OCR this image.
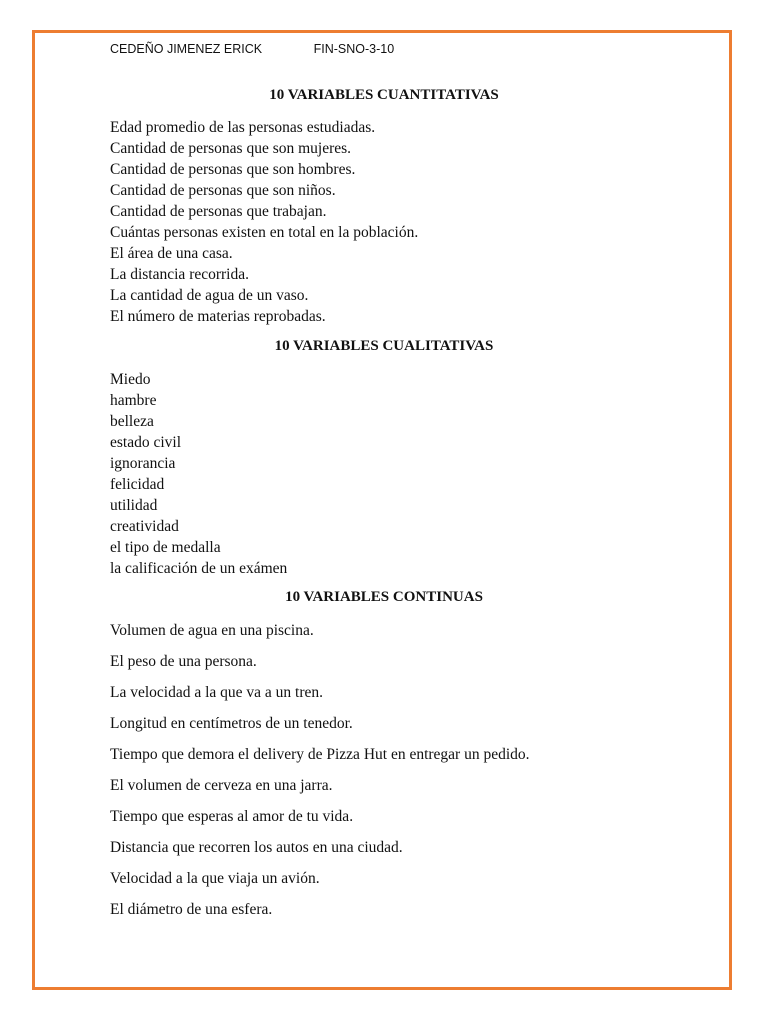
CEDEÑO JIMENEZ ERICK	FIN-SNO-3-10
10 VARIABLES CUANTITATIVAS
Edad promedio de las personas estudiadas.
Cantidad de personas que son mujeres.
Cantidad de personas que son hombres.
Cantidad de personas que son niños.
Cantidad de personas que trabajan.
Cuántas personas existen en total en la población.
El área de una casa.
La distancia recorrida.
La cantidad de agua de un vaso.
El número de materias reprobadas.
10 VARIABLES CUALITATIVAS
Miedo
hambre
belleza
estado civil
ignorancia
felicidad
utilidad
creatividad
el tipo de medalla
la calificación de un exámen
10 VARIABLES CONTINUAS
Volumen de agua en una piscina.
El peso de una persona.
La velocidad a la que va a un tren.
Longitud en centímetros de un tenedor.
Tiempo que demora el delivery de Pizza Hut en entregar un pedido.
El volumen de cerveza en una jarra.
Tiempo que esperas al amor de tu vida.
Distancia que recorren los autos en una ciudad.
Velocidad a la que viaja un avión.
El diámetro de una esfera.
